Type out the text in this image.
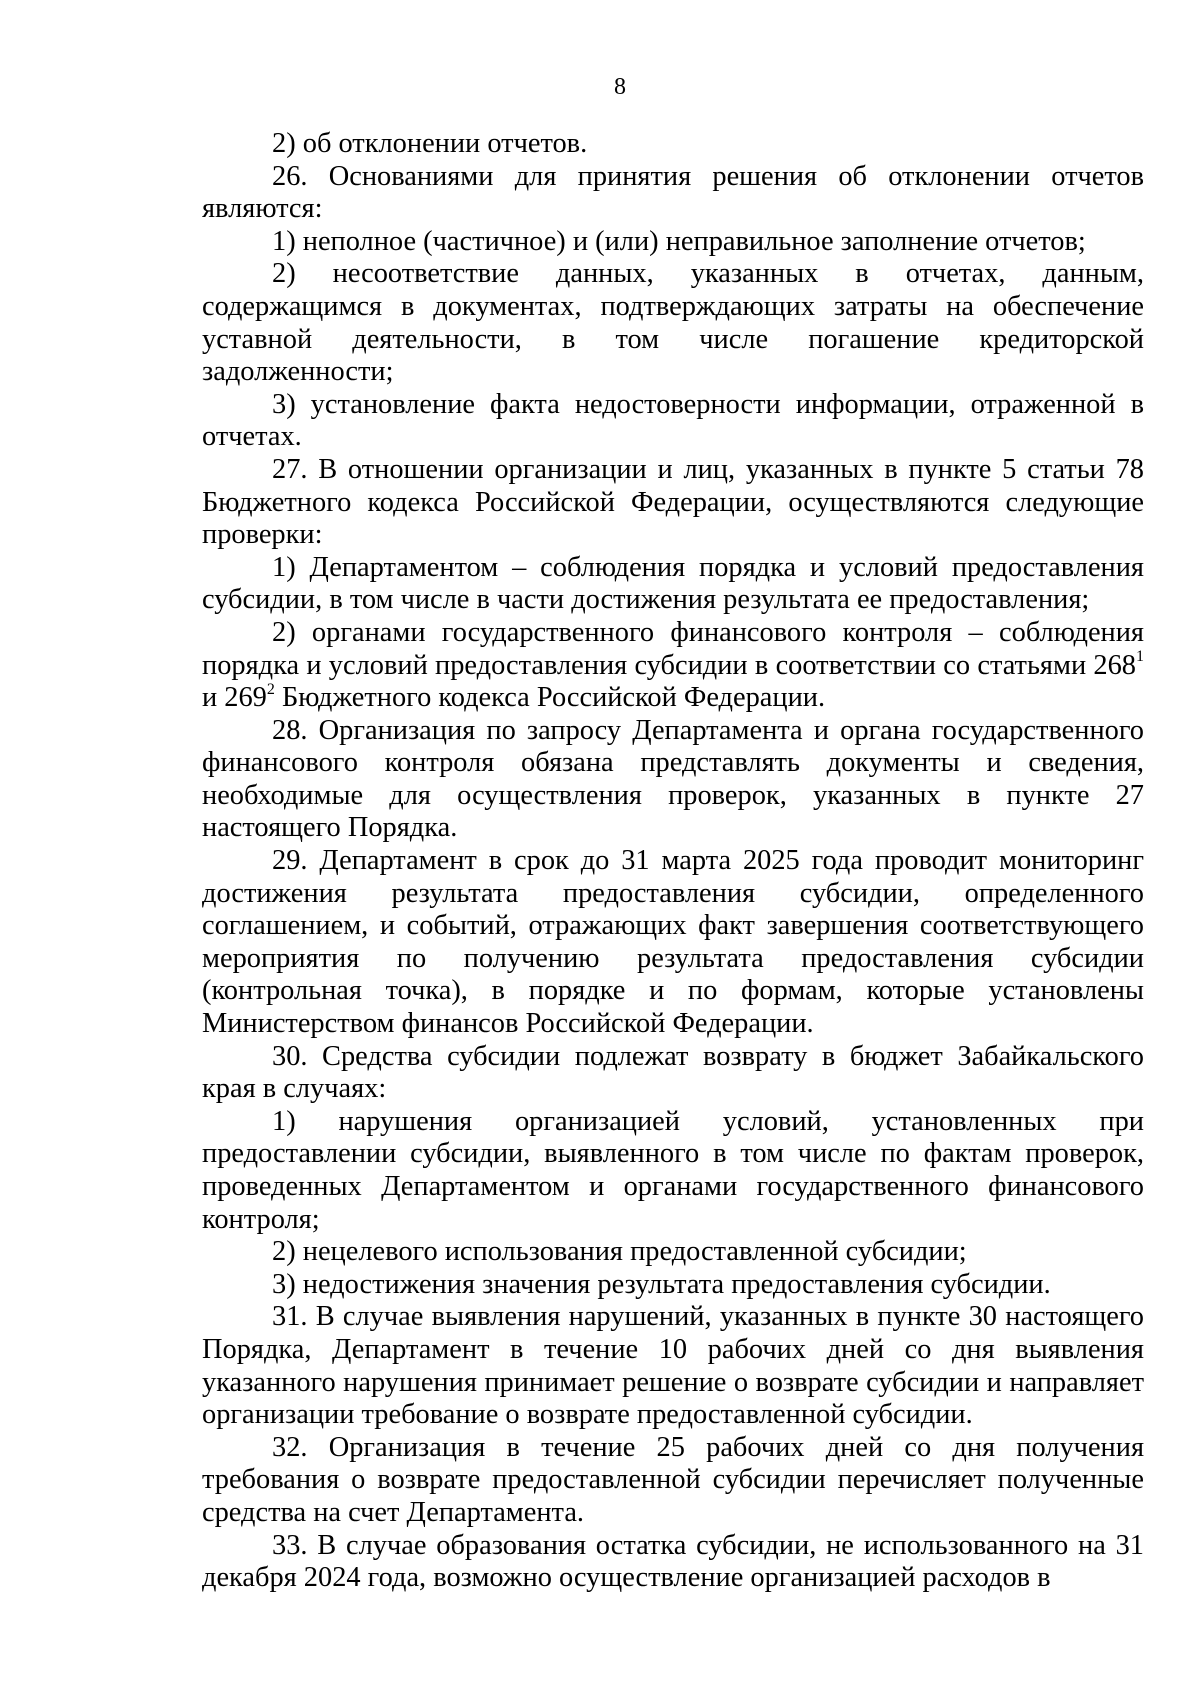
8

2) об отклонении отчетов.

26. Основаниями для принятия решения об отклонении отчетов являются:

1) неполное (частичное) и (или) неправильное заполнение отчетов;

2) несоответствие данных, указанных в отчетах, данным, содержащимся в документах, подтверждающих затраты на обеспечение уставной деятельности, в том числе погашение кредиторской задолженности;

3) установление факта недостоверности информации, отраженной в отчетах.

27. В отношении организации и лиц, указанных в пункте 5 статьи 78 Бюджетного кодекса Российской Федерации, осуществляются следующие проверки:

1) Департаментом – соблюдения порядка и условий предоставления субсидии, в том числе в части достижения результата ее предоставления;

2) органами государственного финансового контроля – соблюдения порядка и условий предоставления субсидии в соответствии со статьями $268^1$ и $269^2$ Бюджетного кодекса Российской Федерации.

28. Организация по запросу Департамента и органа государственного финансового контроля обязана представлять документы и сведения, необходимые для осуществления проверок, указанных в пункте 27 настоящего Порядка.

29. Департамент в срок до 31 марта 2025 года проводит мониторинг достижения результата предоставления субсидии, определенного соглашением, и событий, отражающих факт завершения соответствующего мероприятия по получению результата предоставления субсидии (контрольная точка), в порядке и по формам, которые установлены Министерством финансов Российской Федерации.

30. Средства субсидии подлежат возврату в бюджет Забайкальского края в случаях:

1) нарушения организацией условий, установленных при предоставлении субсидии, выявленного в том числе по фактам проверок, проведенных Департаментом и органами государственного финансового контроля;

2) нецелевого использования предоставленной субсидии;

3) недостижения значения результата предоставления субсидии.

31. В случае выявления нарушений, указанных в пункте 30 настоящего Порядка, Департамент в течение 10 рабочих дней со дня выявления указанного нарушения принимает решение о возврате субсидии и направляет организации требование о возврате предоставленной субсидии.

32. Организация в течение 25 рабочих дней со дня получения требования о возврате предоставленной субсидии перечисляет полученные средства на счет Департамента.

33. В случае образования остатка субсидии, не использованного на 31 декабря 2024 года, возможно осуществление организацией расходов в
